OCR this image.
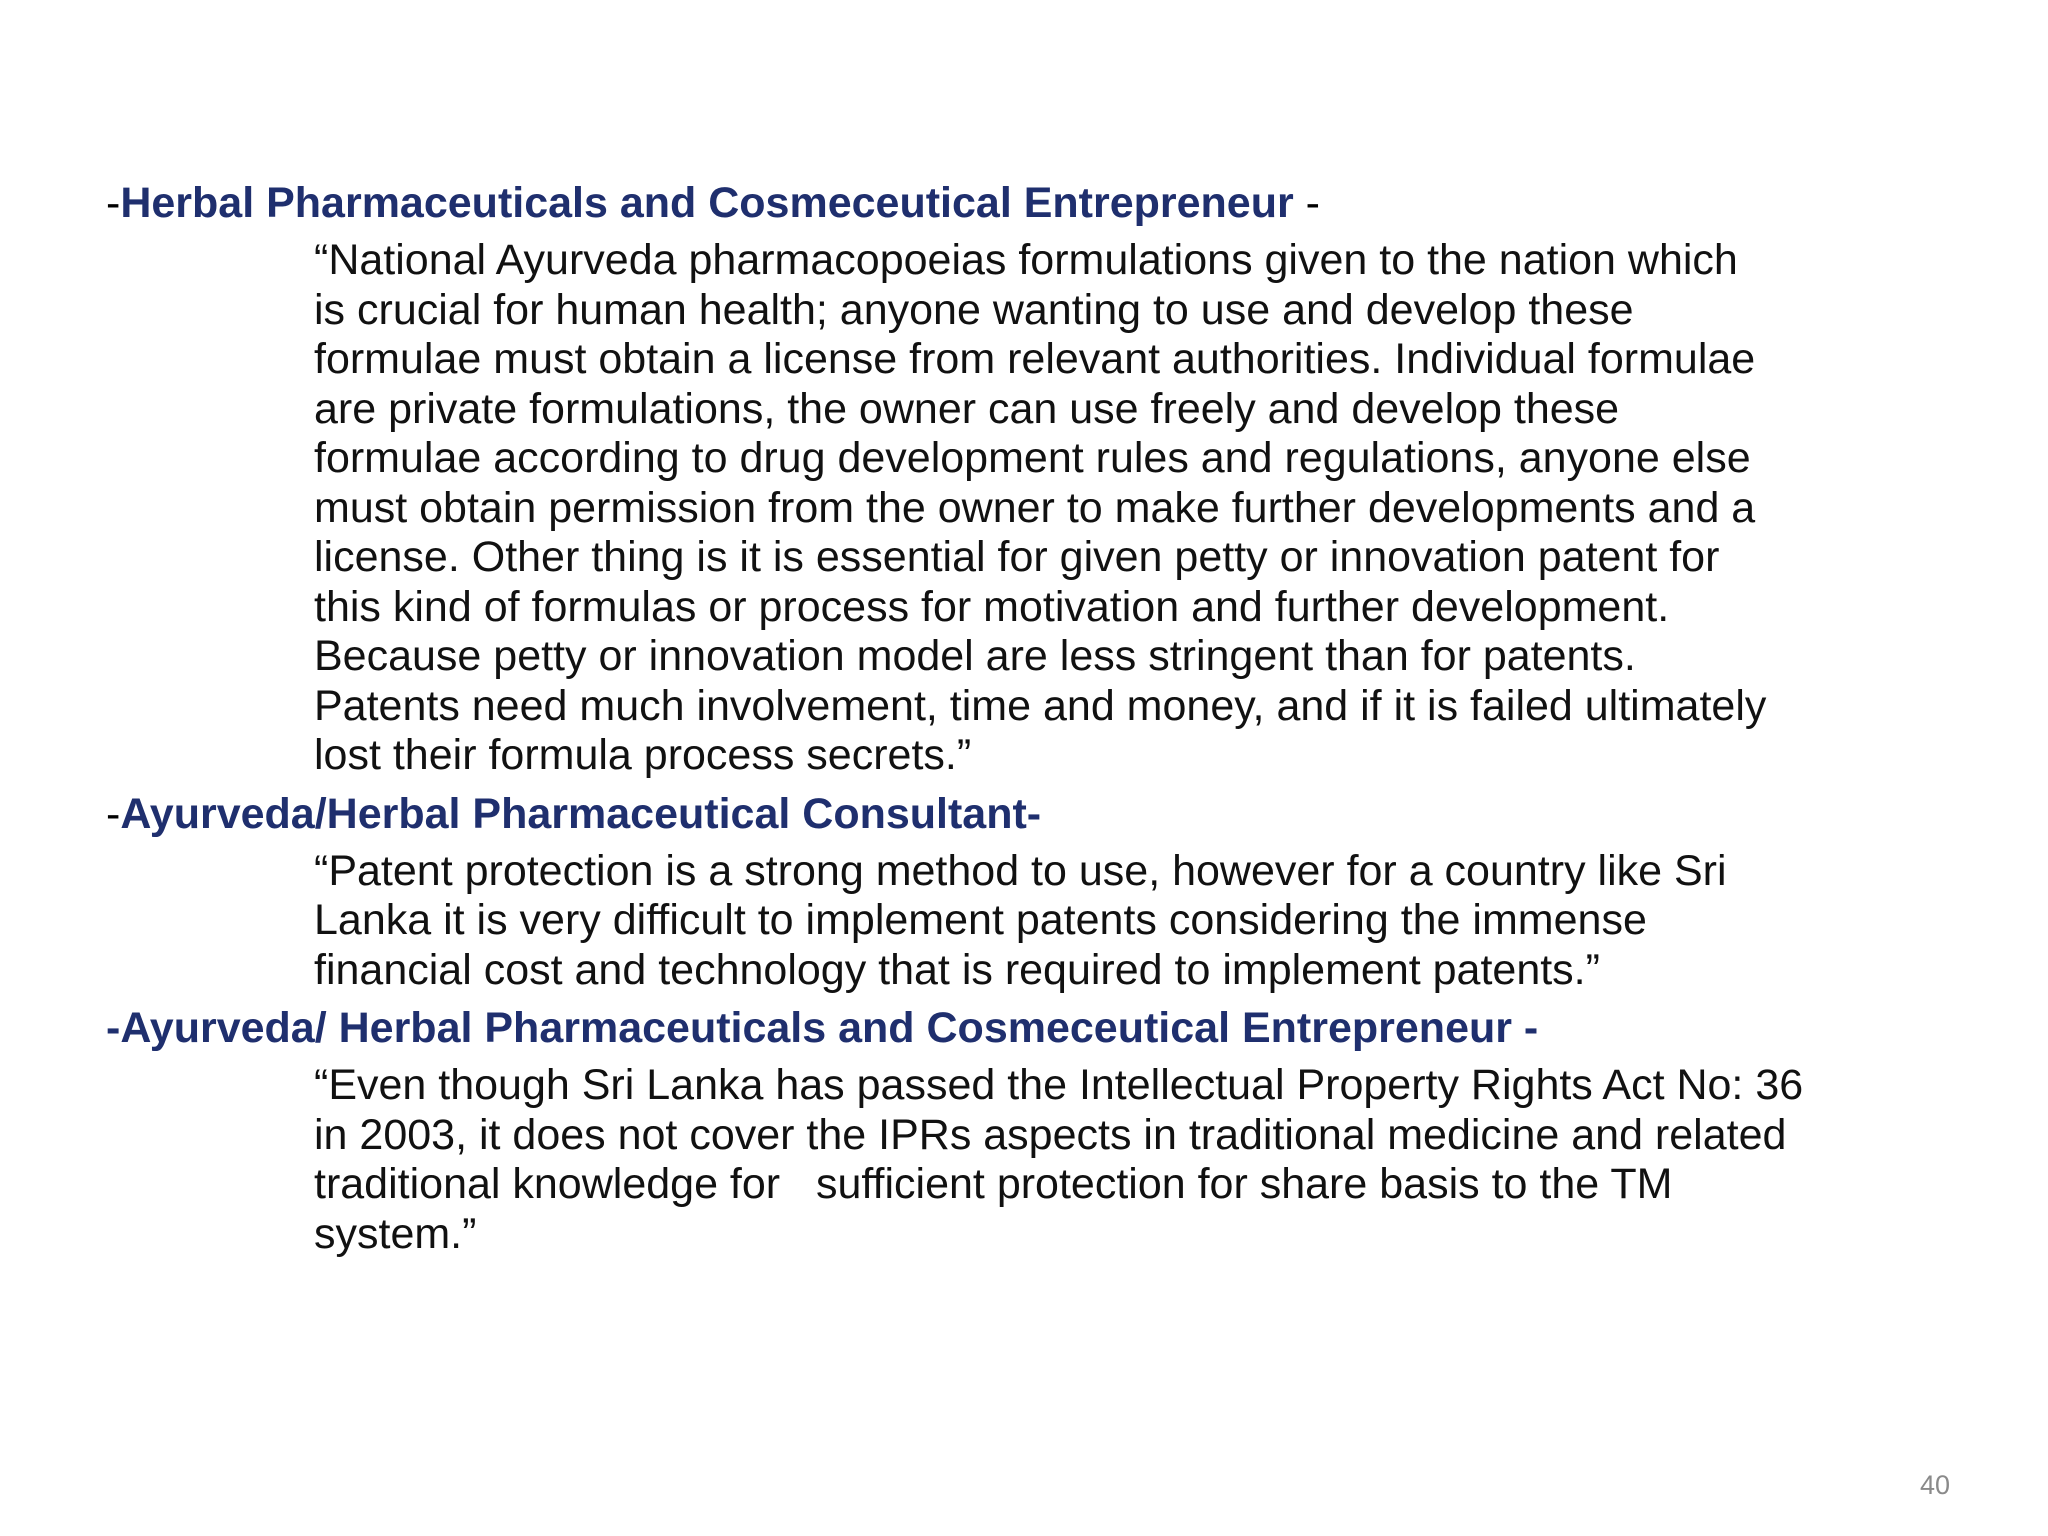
-Herbal Pharmaceuticals and Cosmeceutical Entrepreneur -
“National Ayurveda pharmacopoeias formulations given to the nation which
is crucial for human health; anyone wanting to use and develop these
formulae must obtain a license from relevant authorities. Individual formulae
are private formulations, the owner can use freely and develop these
formulae according to drug development rules and regulations, anyone else
must obtain permission from the owner to make further developments and a
license. Other thing is it is essential for given petty or innovation patent for
this kind of formulas or process for motivation and further development.
Because petty or innovation model are less stringent than for patents.
Patents need much involvement, time and money, and if it is failed ultimately
lost their formula process secrets.”
-Ayurveda/Herbal Pharmaceutical Consultant-
“Patent protection is a strong method to use, however for a country like Sri
Lanka it is very difficult to implement patents considering the immense
financial cost and technology that is required to implement patents.”
-Ayurveda/ Herbal Pharmaceuticals and Cosmeceutical Entrepreneur -
“Even though Sri Lanka has passed the Intellectual Property Rights Act No: 36
in 2003, it does not cover the IPRs aspects in traditional medicine and related
traditional knowledge for   sufficient protection for share basis to the TM
system.”
40
